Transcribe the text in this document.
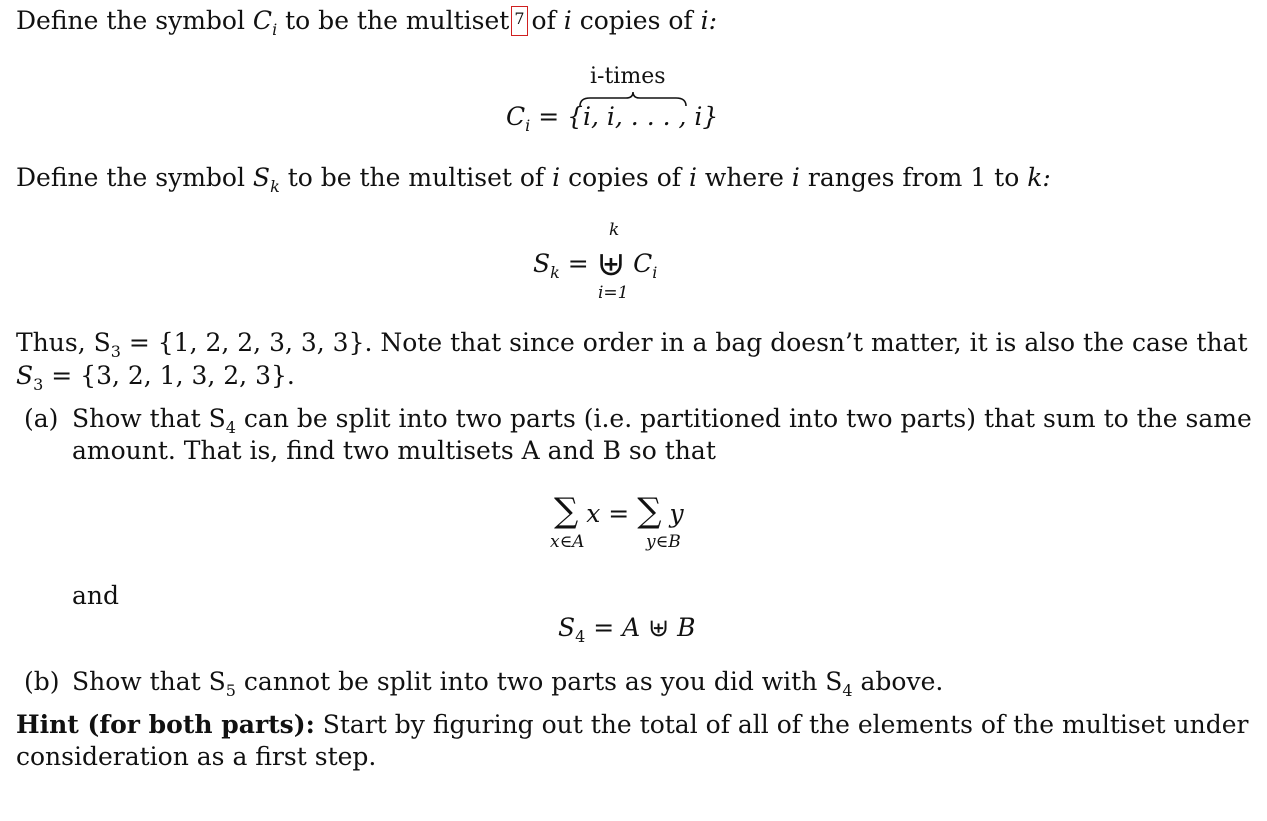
Define the symbol $C_i$ to be the multiset 7 of i copies of i:
i-times
$C_i = \{i$, i, . . . , i}
Define the symbol $S_k$ to be the multiset of i copies of i where i ranges from 1 to k:
k
$S_k$ = ⊎ $C_i$
i=1
Thus, $S_3 = \{1$, 2, 2, 3, 3, 3}. Note that since order in a bag doesn’t matter, it is also the case that
$S_3 = \{3$, 2, 1, 3, 2, 3}.
(a) Show that $S_4$ can be split into two parts (i.e. partitioned into two parts) that sum to the same
amount. That is, find two multisets A and B so that
∑ x = ∑ y
x∈A	y∈B
and
$S_4 = A$ ⊎ B
(b) Show that $S_5$ cannot be split into two parts as you did with $S_4$ above.
Hint (for both parts): Start by figuring out the total of all of the elements of the multiset under
consideration as a first step.
